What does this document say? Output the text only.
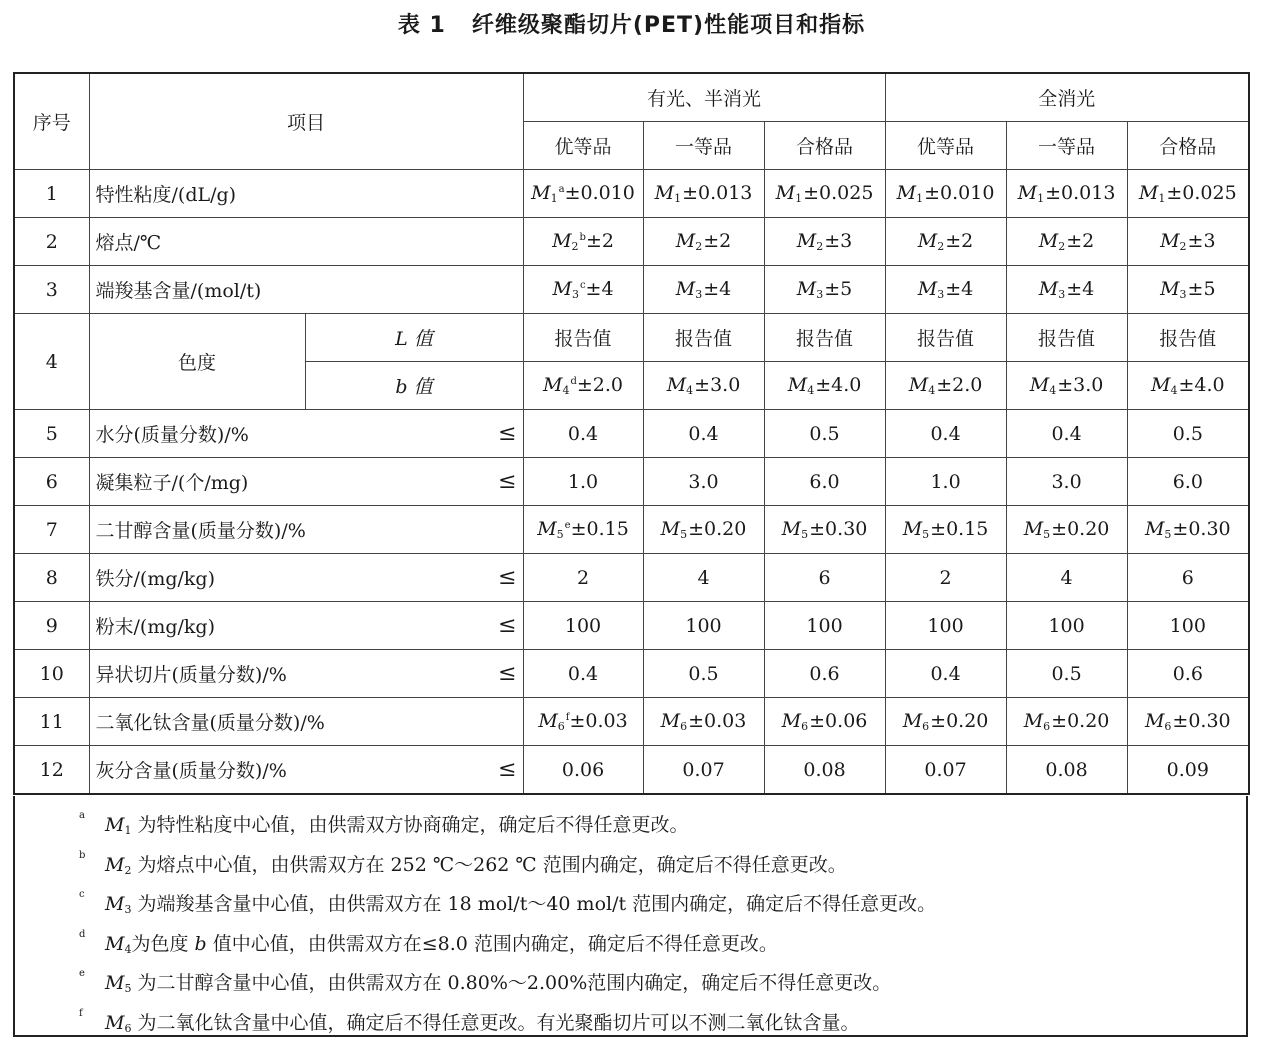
表 1 纤维级聚酯切片(PET)性能项目和指标
序号	项目		有光、半消光			全消光		
			优等品	一等品	合格品	优等品	一等品	合格品
1	特性粘度/(dL/g)		$M_1^a\pm 0.010$	$M_1\pm 0.013$	$M_1\pm 0.025$	$M_1\pm 0.010$	$M_1\pm 0.013$	$M_1\pm 0.025$
2	熔点/℃		$M_2^b\pm 2$	$M_2\pm 2$	$M_2\pm 3$	$M_2\pm 2$	$M_2\pm 2$	$M_2\pm 3$
3	端羧基含量/(mol/t)		$M_3^c\pm 4$	$M_3\pm 4$	$M_3\pm 5$	$M_3\pm 4$	$M_3\pm 4$	$M_3\pm 5$
4	色度	L 值	报告值	报告值	报告值	报告值	报告值	报告值
		b 值	$M_4^d\pm 2.0$	$M_4\pm 3.0$	$M_4\pm 4.0$	$M_4\pm 2.0$	$M_4\pm 3.0$	$M_4\pm 4.0$
5	水分(质量分数)/% ≤		0.4	0.4	0.5	0.4	0.4	0.5
6	凝集粒子/(个/mg) ≤		1.0	3.0	6.0	1.0	3.0	6.0
7	二甘醇含量(质量分数)/%		$M_5^e\pm 0.15$	$M_5\pm 0.20$	$M_5\pm 0.30$	$M_5\pm 0.15$	$M_5\pm 0.20$	$M_5\pm 0.30$
8	铁分/(mg/kg) ≤		2	4	6	2	4	6
9	粉末/(mg/kg) ≤		100	100	100	100	100	100
10	异状切片(质量分数)/% ≤		0.4	0.5	0.6	0.4	0.5	0.6
11	二氧化钛含量(质量分数)/%		$M_6^f\pm 0.03$	$M_6\pm 0.03$	$M_6\pm 0.06$	$M_6\pm 0.20$	$M_6\pm 0.20$	$M_6\pm 0.30$
12	灰分含量(质量分数)/% ≤		0.06	0.07	0.08	0.07	0.08	0.09
a $M_1$ 为特性粘度中心值，由供需双方协商确定，确定后不得任意更改。
b $M_2$ 为熔点中心值，由供需双方在 252 ℃～262 ℃ 范围内确定，确定后不得任意更改。
c $M_3$ 为端羧基含量中心值，由供需双方在 18 mol/t～40 mol/t 范围内确定，确定后不得任意更改。
d $M_4$为色度 b 值中心值，由供需双方在≤8.0 范围内确定，确定后不得任意更改。
e $M_5$ 为二甘醇含量中心值，由供需双方在 0.80%～2.00%范围内确定，确定后不得任意更改。
f $M_6$ 为二氧化钛含量中心值，确定后不得任意更改。有光聚酯切片可以不测二氧化钛含量。
